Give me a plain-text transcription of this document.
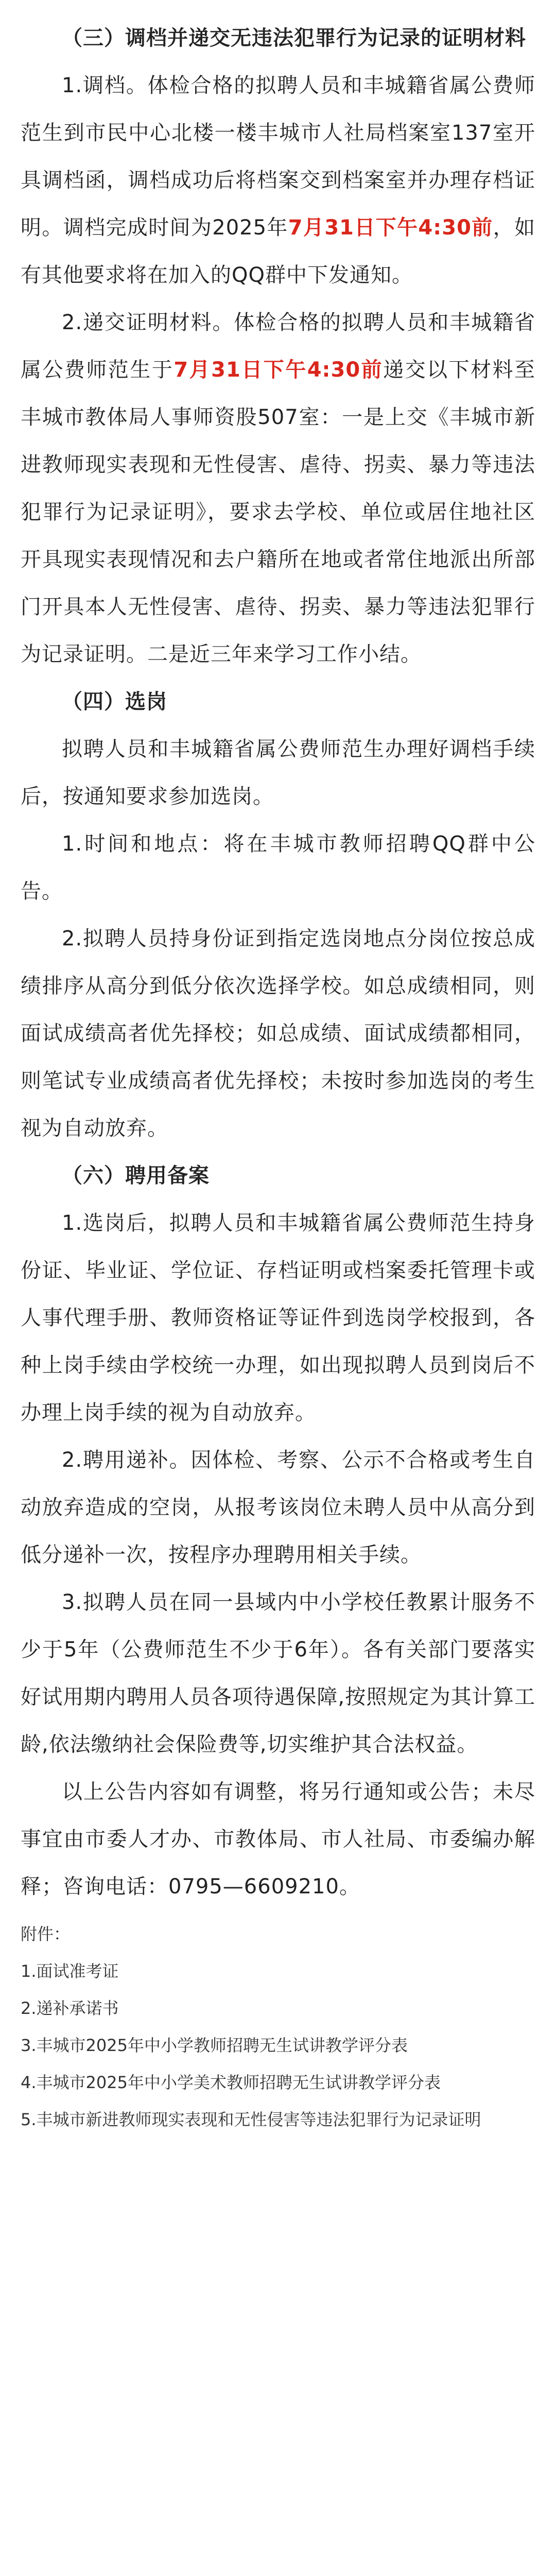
（三）调档并递交无违法犯罪行为记录的证明材料

1.调档。体检合格的拟聘人员和丰城籍省属公费师范生到市民中心北楼一楼丰城市人社局档案室137室开具调档函，调档成功后将档案交到档案室并办理存档证明。调档完成时间为2025年7月31日下午4:30前，如有其他要求将在加入的QQ群中下发通知。

2.递交证明材料。体检合格的拟聘人员和丰城籍省属公费师范生于7月31日下午4:30前递交以下材料至丰城市教体局人事师资股507室：一是上交《丰城市新进教师现实表现和无性侵害、虐待、拐卖、暴力等违法犯罪行为记录证明》，要求去学校、单位或居住地社区开具现实表现情况和去户籍所在地或者常住地派出所部门开具本人无性侵害、虐待、拐卖、暴力等违法犯罪行为记录证明。二是近三年来学习工作小结。

（四）选岗

拟聘人员和丰城籍省属公费师范生办理好调档手续后，按通知要求参加选岗。

1.时间和地点：将在丰城市教师招聘QQ群中公告。

2.拟聘人员持身份证到指定选岗地点分岗位按总成绩排序从高分到低分依次选择学校。如总成绩相同，则面试成绩高者优先择校；如总成绩、面试成绩都相同，则笔试专业成绩高者优先择校；未按时参加选岗的考生视为自动放弃。

（六）聘用备案

1.选岗后，拟聘人员和丰城籍省属公费师范生持身份证、毕业证、学位证、存档证明或档案委托管理卡或人事代理手册、教师资格证等证件到选岗学校报到，各种上岗手续由学校统一办理，如出现拟聘人员到岗后不办理上岗手续的视为自动放弃。

2.聘用递补。因体检、考察、公示不合格或考生自动放弃造成的空岗，从报考该岗位未聘人员中从高分到低分递补一次，按程序办理聘用相关手续。

3.拟聘人员在同一县域内中小学校任教累计服务不少于5年（公费师范生不少于6年）。各有关部门要落实好试用期内聘用人员各项待遇保障,按照规定为其计算工龄,依法缴纳社会保险费等,切实维护其合法权益。

以上公告内容如有调整，将另行通知或公告；未尽事宜由市委人才办、市教体局、市人社局、市委编办解释；咨询电话：0795—6609210。

附件：

1.面试准考证

2.递补承诺书

3.丰城市2025年中小学教师招聘无生试讲教学评分表

4.丰城市2025年中小学美术教师招聘无生试讲教学评分表

5.丰城市新进教师现实表现和无性侵害等违法犯罪行为记录证明
